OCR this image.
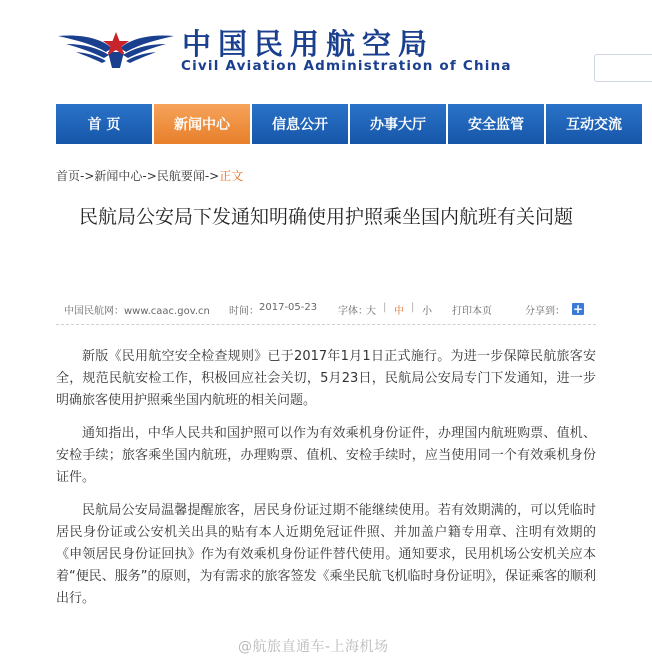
中国民用航空局
Civil Aviation Administration of China
首 页	新闻中心	信息公开	办事大厅	安全监管	互动交流
首页->新闻中心->民航要闻->正文
民航局公安局下发通知明确使用护照乘坐国内航班有关问题
中国民航网：www.caac.gov.cn 时间： 2017-05-23 字体：
大 | 中 | 小 打印本页	分享到： +

新版《民用航空安全检查规则》已于2017年1月1日正式施行。为进一步保障民航旅客安全，规范民航安检工作，积极回应社会关切，5月23日，民航局公安局专门下发通知，进一步明确旅客使用护照乘坐国内航班的相关问题。

通知指出，中华人民共和国护照可以作为有效乘机身份证件，办理国内航班购票、值机、安检手续；旅客乘坐国内航班，办理购票、值机、安检手续时，应当使用同一个有效乘机身份证件。

民航局公安局温馨提醒旅客，居民身份证过期不能继续使用。若有效期满的，可以凭临时居民身份证或公安机关出具的贴有本人近期免冠证件照、并加盖户籍专用章、注明有效期的《申领居民身份证回执》作为有效乘机身份证件替代使用。通知要求，民用机场公安机关应本着“便民、服务”的原则，为有需求的旅客签发《乘坐民航飞机临时身份证明》，保证乘客的顺利出行。

@航旅直通车-上海机场
